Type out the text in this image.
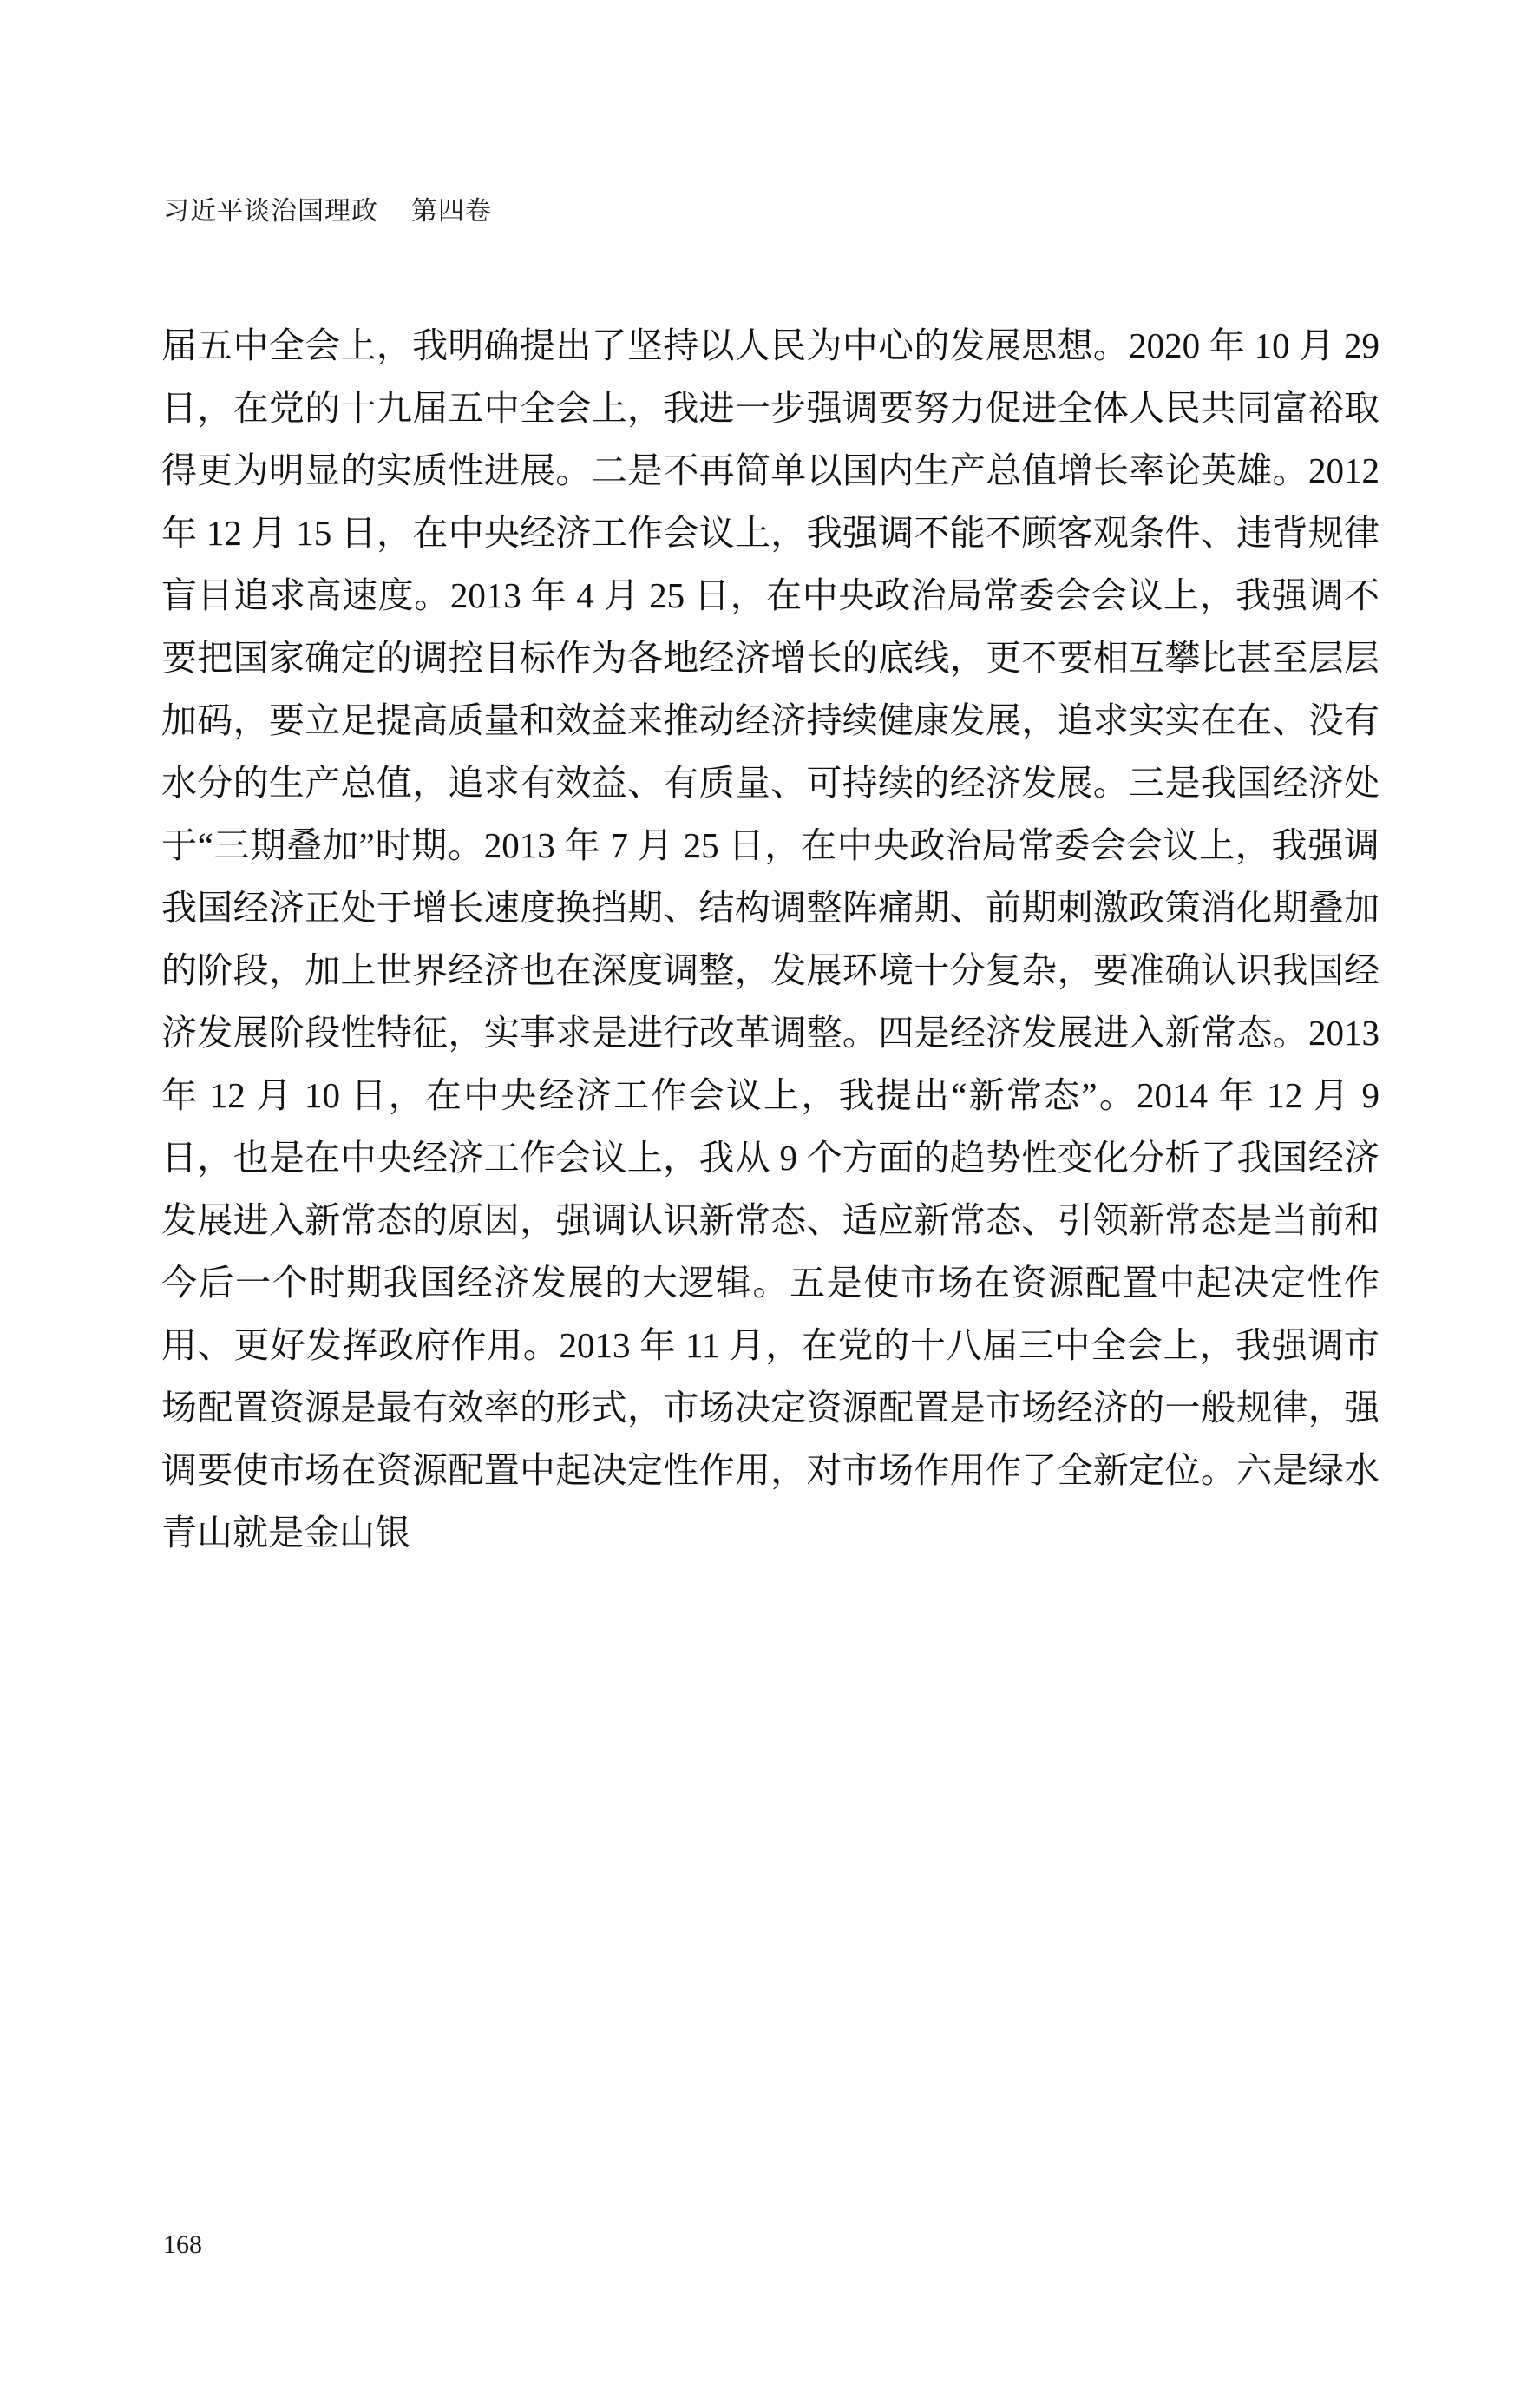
习近平谈治国理政 第四卷

届五中全会上，我明确提出了坚持以人民为中心的发展思想。2020 年 10 月 29 日，在党的十九届五中全会上，我进一步强调要努力促进全体人民共同富裕取得更为明显的实质性进展。二是不再简单以国内生产总值增长率论英雄。2012 年 12 月 15 日，在中央经济工作会议上，我强调不能不顾客观条件、违背规律盲目追求高速度。2013 年 4 月 25 日，在中央政治局常委会会议上，我强调不要把国家确定的调控目标作为各地经济增长的底线，更不要相互攀比甚至层层加码，要立足提高质量和效益来推动经济持续健康发展，追求实实在在、没有水分的生产总值，追求有效益、有质量、可持续的经济发展。三是我国经济处于“三期叠加”时期。2013 年 7 月 25 日，在中央政治局常委会会议上，我强调我国经济正处于增长速度换挡期、结构调整阵痛期、前期刺激政策消化期叠加的阶段，加上世界经济也在深度调整，发展环境十分复杂，要准确认识我国经济发展阶段性特征，实事求是进行改革调整。四是经济发展进入新常态。2013 年 12 月 10 日，在中央经济工作会议上，我提出“新常态”。2014 年 12 月 9 日，也是在中央经济工作会议上，我从 9 个方面的趋势性变化分析了我国经济发展进入新常态的原因，强调认识新常态、适应新常态、引领新常态是当前和今后一个时期我国经济发展的大逻辑。五是使市场在资源配置中起决定性作用、更好发挥政府作用。2013 年 11 月，在党的十八届三中全会上，我强调市场配置资源是最有效率的形式，市场决定资源配置是市场经济的一般规律，强调要使市场在资源配置中起决定性作用，对市场作用作了全新定位。六是绿水青山就是金山银

168
